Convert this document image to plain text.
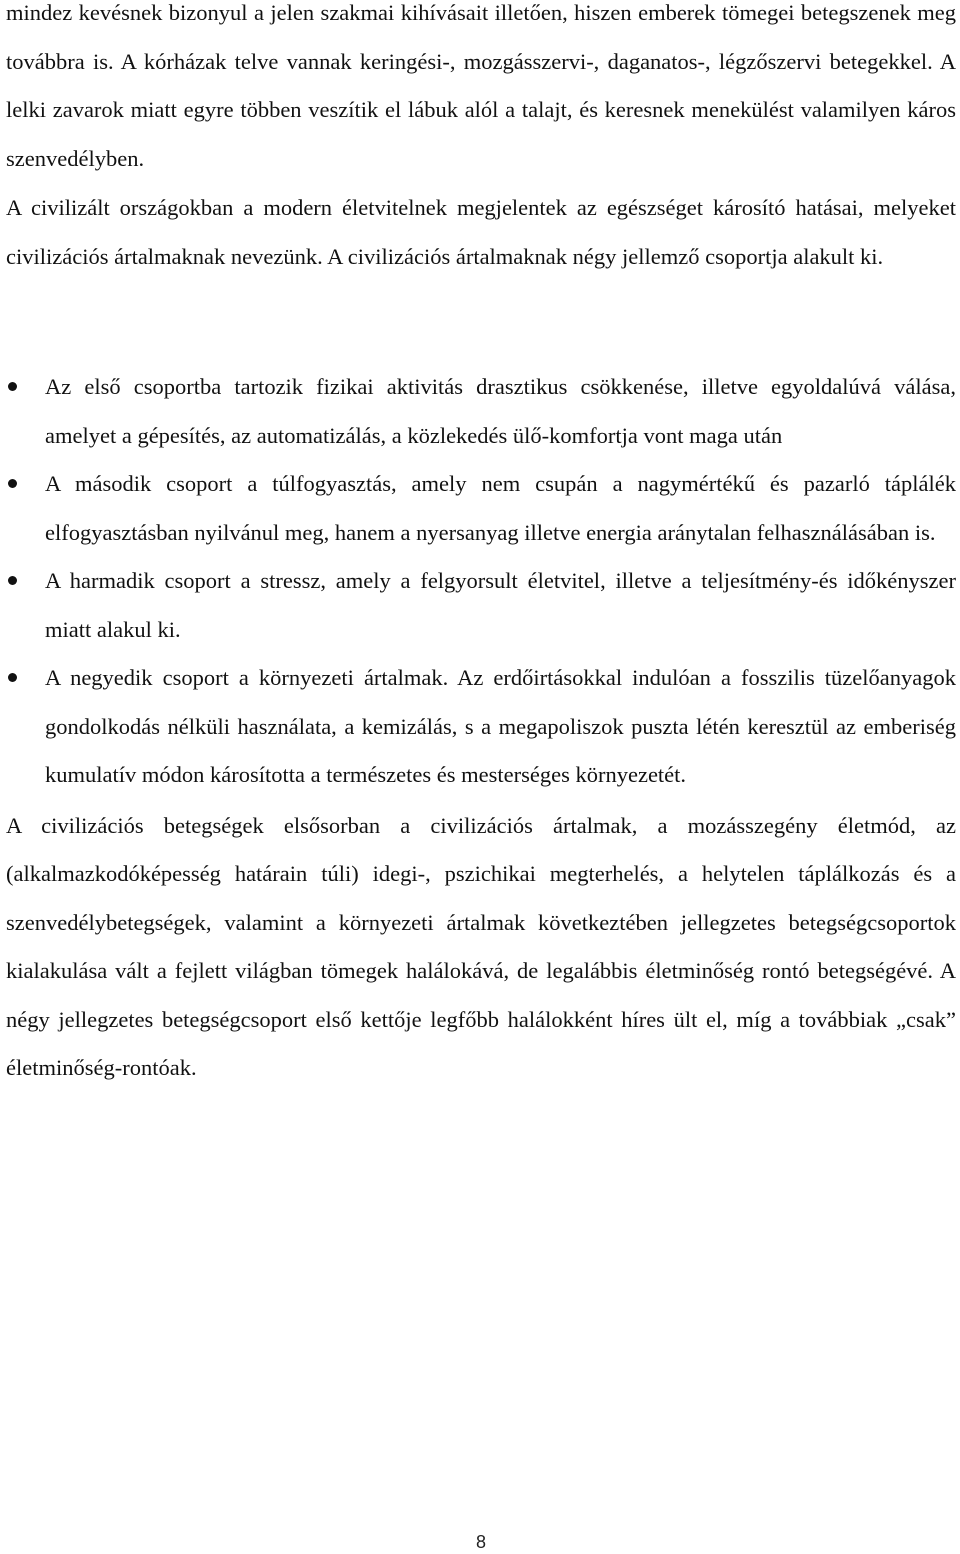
mindez kevésnek bizonyul a jelen szakmai kihívásait illetően, hiszen emberek tömegei betegszenek meg továbbra is. A kórházak telve vannak keringési-, mozgásszervi-, daganatos-, légzőszervi betegekkel. A lelki zavarok miatt egyre többen veszítik el lábuk alól a talajt, és keresnek menekülést valamilyen káros szenvedélyben.

A civilizált országokban a modern életvitelnek megjelentek az egészséget károsító hatásai, melyeket civilizációs ártalmaknak nevezünk. A civilizációs ártalmaknak négy jellemző csoportja alakult ki.

Az első csoportba tartozik fizikai aktivitás drasztikus csökkenése, illetve egyoldalúvá válása, amelyet a gépesítés, az automatizálás, a közlekedés ülő-komfortja vont maga után
A második csoport a túlfogyasztás, amely nem csupán a nagymértékű és pazarló táplálék elfogyasztásban nyilvánul meg, hanem a nyersanyag illetve energia aránytalan felhasználásában is.
A harmadik csoport a stressz, amely a felgyorsult életvitel, illetve a teljesítmény-és időkényszer miatt alakul ki.
A negyedik csoport a környezeti ártalmak. Az erdőirtásokkal indulóan a fosszilis tüzelőanyagok gondolkodás nélküli használata, a kemizálás, s a megapoliszok puszta létén keresztül az emberiség kumulatív módon károsította a természetes és mesterséges környezetét.

A civilizációs betegségek elsősorban a civilizációs ártalmak, a mozásszegény életmód, az (alkalmazkodóképesség határain túli) idegi-, pszichikai megterhelés, a helytelen táplálkozás és a szenvedélybetegségek, valamint a környezeti ártalmak következtében jellegzetes betegségcsoportok kialakulása vált a fejlett világban tömegek halálokává, de legalábbis életminőség rontó betegségévé. A négy jellegzetes betegségcsoport első kettője legfőbb halálokként híres ült el, míg a továbbiak „csak” életminőség-rontóak.

8
